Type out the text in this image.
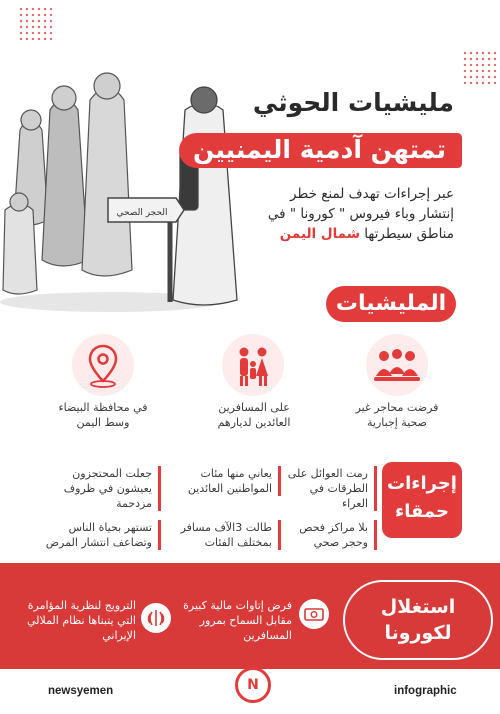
الحجر الصحي
مليشيات الحوثي
تمتهن آدمية اليمنيين
عبر إجراءات تهدف لمنع خطر
إنتشار وباء فيروس " كورونا " في
مناطق سيطرتها شمال اليمن
المليشيات
فرضت محاجر غير صحية إجبارية
على المسافرين العائدين لديارهم
في محافظة البيضاء وسط اليمن
إجراءات
حمقاء
رمت العوائل على الطرقات في العراء
يعاني منها مئات المواطنين العائدين
جعلت المحتجزون يعيشون في ظروف مزدحمة
بلا مراكز فحص وحجر صحي
طالت 3الآف مسافر بمختلف الفئات
تستهر بحياة الناس وتضاعف انتشار المرض
استغلال
لكورونا
فرض إتاوات مالية كبيرة مقابل السماح بمرور المسافرين
الترويج لنظرية المؤامرة التي يتبناها نظام الملالي الإيراني
newsyemen	infographic
N
